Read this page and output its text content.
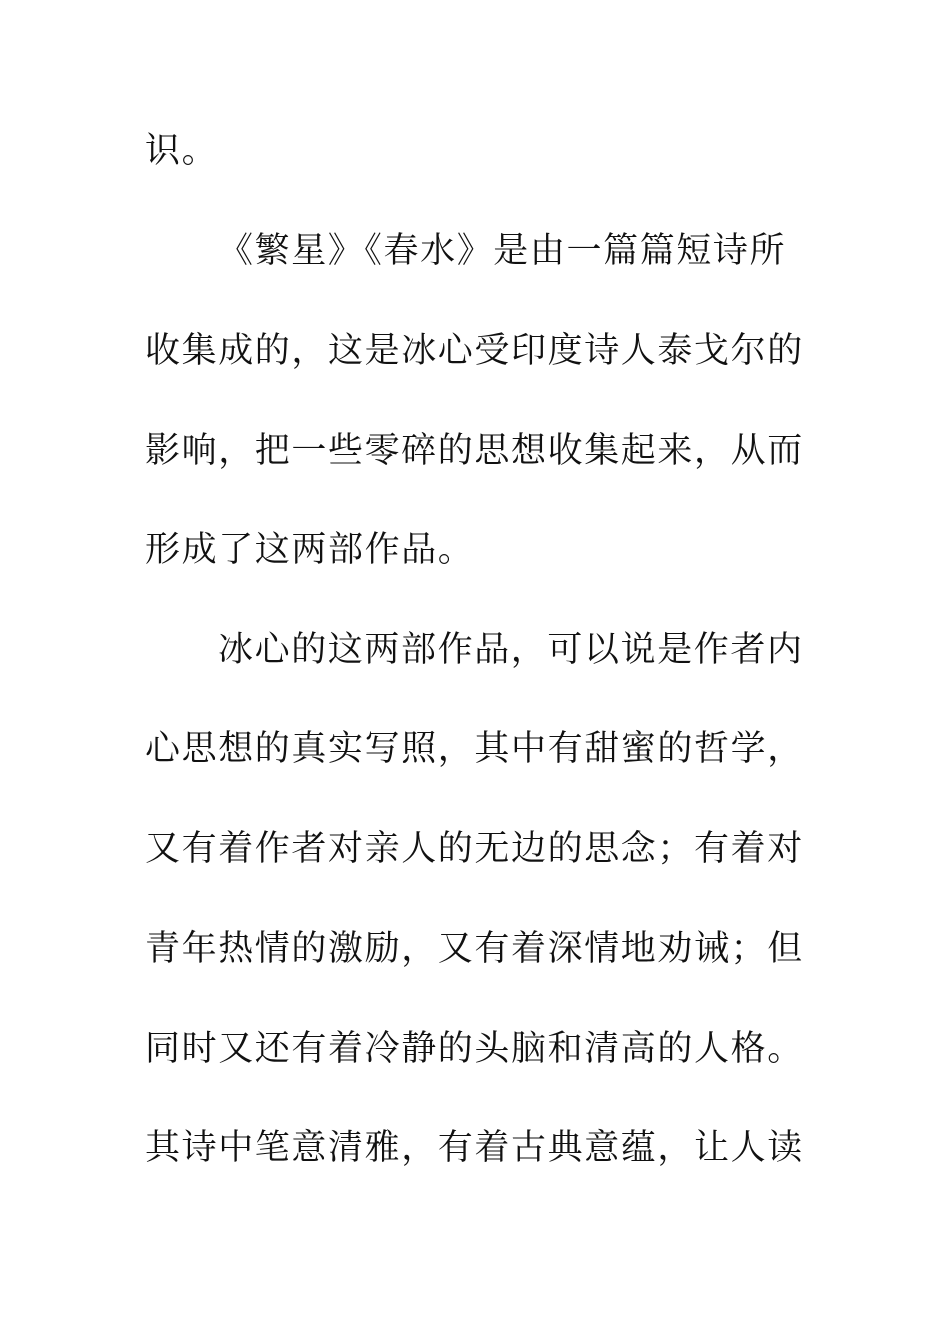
识。
《繁星》《春水》是由一篇篇短诗所
收集成的，这是冰心受印度诗人泰戈尔的
影响，把一些零碎的思想收集起来，从而
形成了这两部作品。
冰心的这两部作品，可以说是作者内
心思想的真实写照，其中有甜蜜的哲学，
又有着作者对亲人的无边的思念；有着对
青年热情的激励，又有着深情地劝诫；但
同时又还有着冷静的头脑和清高的人格。
其诗中笔意清雅，有着古典意蕴，让人读
